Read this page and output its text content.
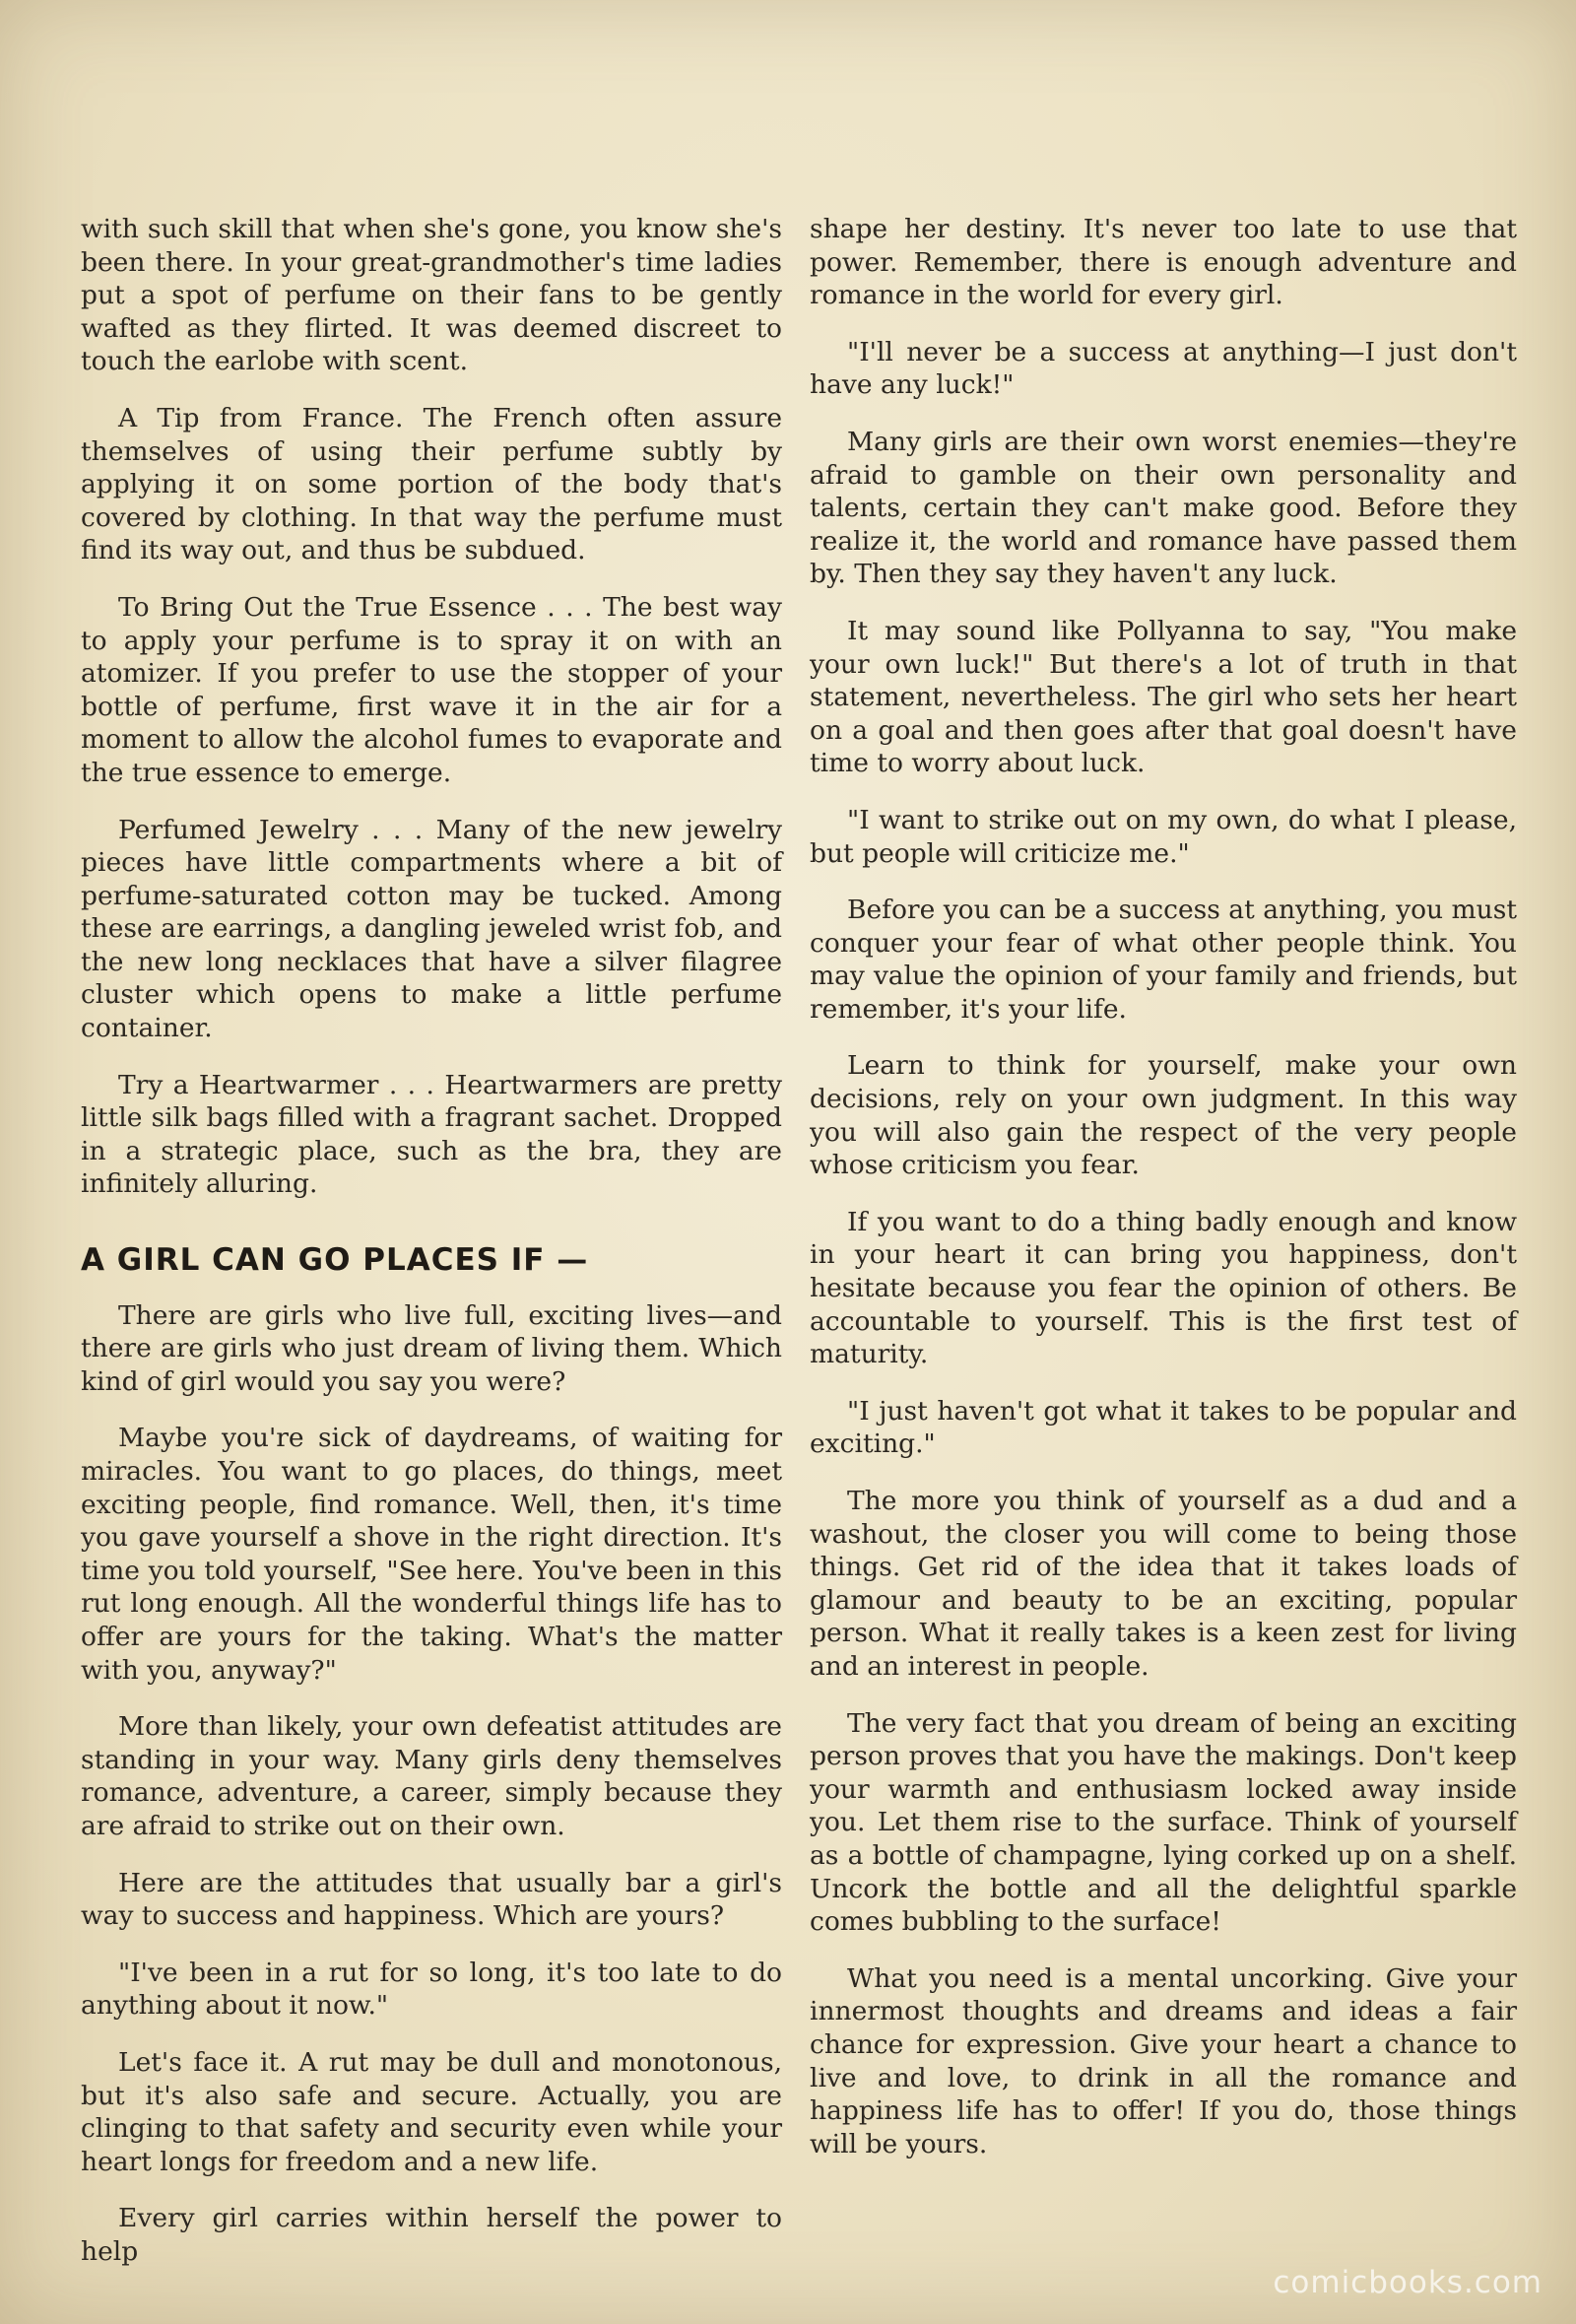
with such skill that when she's gone, you know she's been there. In your great-grandmother's time ladies put a spot of perfume on their fans to be gently wafted as they flirted. It was deemed discreet to touch the earlobe with scent.

A Tip from France. The French often assure themselves of using their perfume subtly by applying it on some portion of the body that's covered by clothing. In that way the perfume must find its way out, and thus be subdued.

To Bring Out the True Essence . . . The best way to apply your perfume is to spray it on with an atomizer. If you prefer to use the stopper of your bottle of perfume, first wave it in the air for a moment to allow the alcohol fumes to evaporate and the true essence to emerge.

Perfumed Jewelry . . . Many of the new jewelry pieces have little compartments where a bit of perfume-saturated cotton may be tucked. Among these are earrings, a dangling jeweled wrist fob, and the new long necklaces that have a silver filagree cluster which opens to make a little perfume container.

Try a Heartwarmer . . . Heartwarmers are pretty little silk bags filled with a fragrant sachet. Dropped in a strategic place, such as the bra, they are infinitely alluring.

A GIRL CAN GO PLACES IF —

There are girls who live full, exciting lives—and there are girls who just dream of living them. Which kind of girl would you say you were?

Maybe you're sick of daydreams, of waiting for miracles. You want to go places, do things, meet exciting people, find romance. Well, then, it's time you gave yourself a shove in the right direction. It's time you told yourself, "See here. You've been in this rut long enough. All the wonderful things life has to offer are yours for the taking. What's the matter with you, anyway?"

More than likely, your own defeatist attitudes are standing in your way. Many girls deny themselves romance, adventure, a career, simply because they are afraid to strike out on their own.

Here are the attitudes that usually bar a girl's way to success and happiness. Which are yours?

"I've been in a rut for so long, it's too late to do anything about it now."

Let's face it. A rut may be dull and monotonous, but it's also safe and secure. Actually, you are clinging to that safety and security even while your heart longs for freedom and a new life.

Every girl carries within herself the power to help

shape her destiny. It's never too late to use that power. Remember, there is enough adventure and romance in the world for every girl.

"I'll never be a success at anything—I just don't have any luck!"

Many girls are their own worst enemies—they're afraid to gamble on their own personality and talents, certain they can't make good. Before they realize it, the world and romance have passed them by. Then they say they haven't any luck.

It may sound like Pollyanna to say, "You make your own luck!" But there's a lot of truth in that statement, nevertheless. The girl who sets her heart on a goal and then goes after that goal doesn't have time to worry about luck.

"I want to strike out on my own, do what I please, but people will criticize me."

Before you can be a success at anything, you must conquer your fear of what other people think. You may value the opinion of your family and friends, but remember, it's your life.

Learn to think for yourself, make your own decisions, rely on your own judgment. In this way you will also gain the respect of the very people whose criticism you fear.

If you want to do a thing badly enough and know in your heart it can bring you happiness, don't hesitate because you fear the opinion of others. Be accountable to yourself. This is the first test of maturity.

"I just haven't got what it takes to be popular and exciting."

The more you think of yourself as a dud and a washout, the closer you will come to being those things. Get rid of the idea that it takes loads of glamour and beauty to be an exciting, popular person. What it really takes is a keen zest for living and an interest in people.

The very fact that you dream of being an exciting person proves that you have the makings. Don't keep your warmth and enthusiasm locked away inside you. Let them rise to the surface. Think of yourself as a bottle of champagne, lying corked up on a shelf. Uncork the bottle and all the delightful sparkle comes bubbling to the surface!

What you need is a mental uncorking. Give your innermost thoughts and dreams and ideas a fair chance for expression. Give your heart a chance to live and love, to drink in all the romance and happiness life has to offer! If you do, those things will be yours.

comicbooks.com
